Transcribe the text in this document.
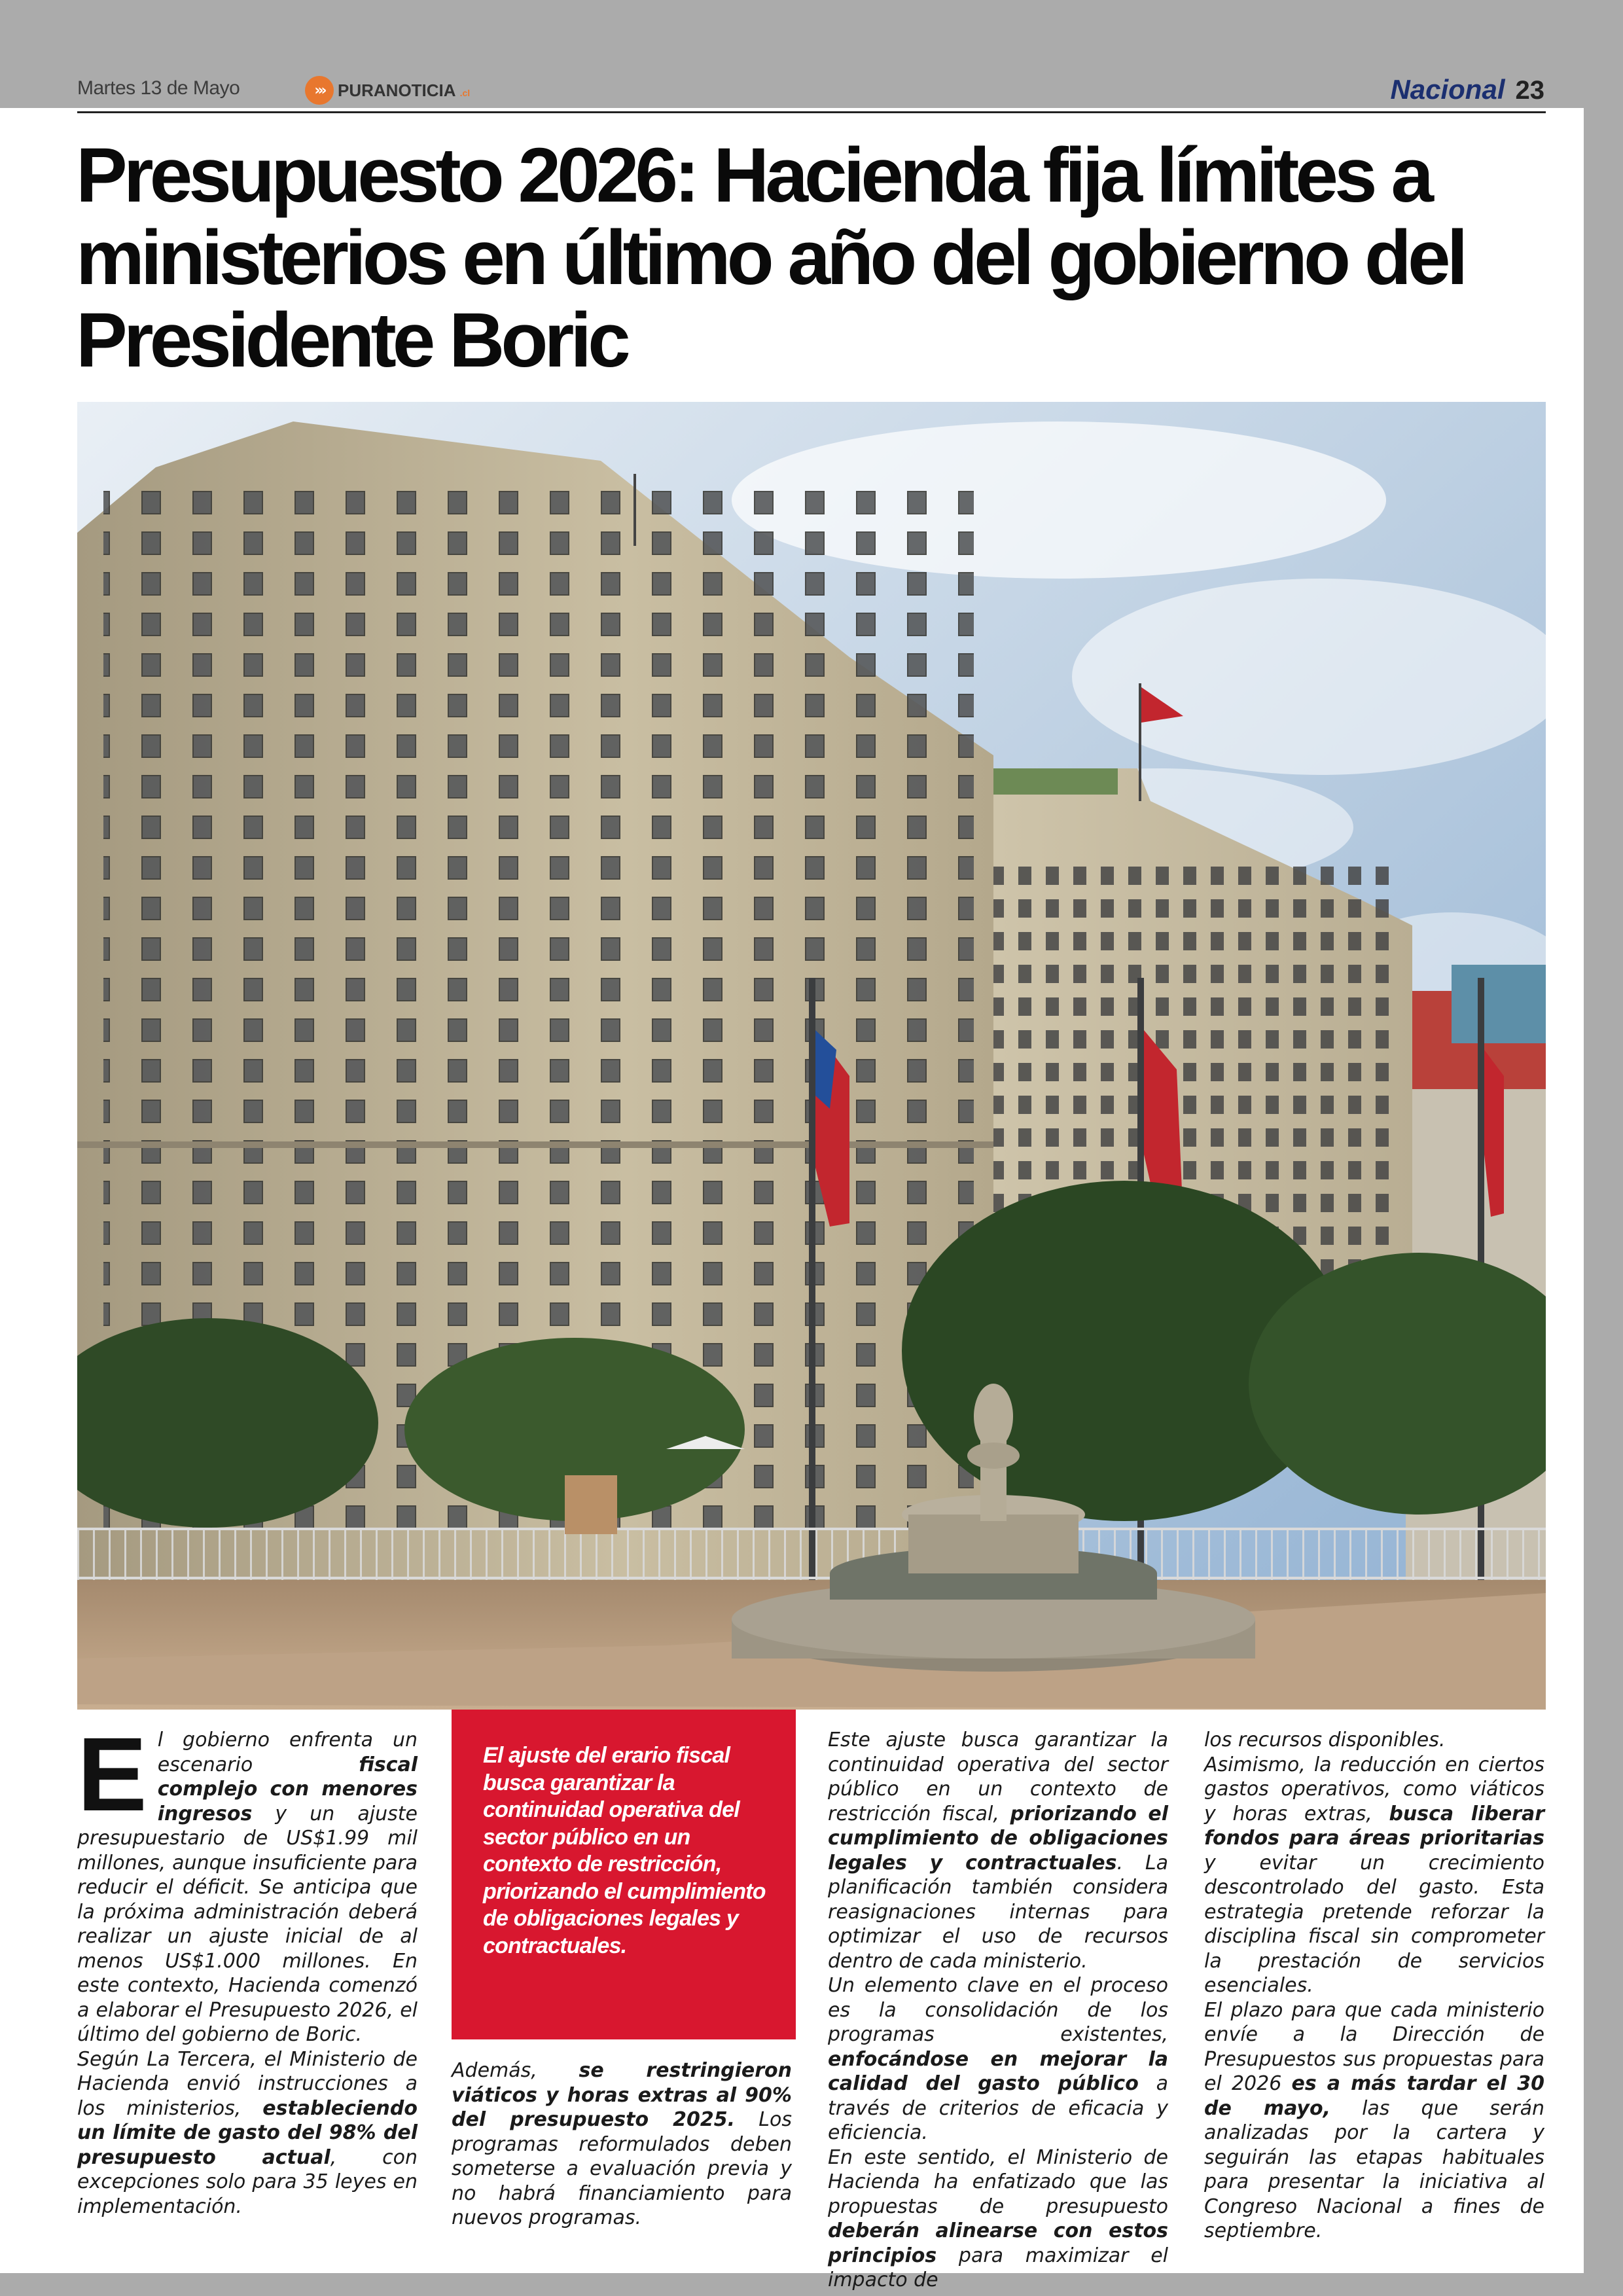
Martes 13 de Mayo	››› PURANOTICIA .cl	Nacional 23
Presupuesto 2026: Hacienda fija límites a ministerios en último año del gobierno del Presidente Boric
E l gobierno enfrenta un escenario fiscal complejo con menores ingresos y un ajuste presupuestario de US$1.99 mil millones, aunque insuficiente para reducir el déficit. Se anticipa que la próxima administración deberá realizar un ajuste inicial de al menos US$1.000 millones. En este contexto, Hacienda comenzó a elaborar el Presupuesto 2026, el último del gobierno de Boric.

Según La Tercera, el Ministerio de Hacienda envió instrucciones a los ministerios, estableciendo un límite de gasto del 98% del presupuesto actual, con excepciones solo para 35 leyes en implementación.

El ajuste del erario fiscal busca garantizar la continuidad operativa del sector público en un contexto de restricción, priorizando el cumplimiento de obligaciones legales y contractuales.

Además, se restringieron viáticos y horas extras al 90% del presupuesto 2025. Los programas reformulados deben someterse a evaluación previa y no habrá financiamiento para nuevos programas.

Este ajuste busca garantizar la continuidad operativa del sector público en un contexto de restricción fiscal, priorizando el cumplimiento de obligaciones legales y contractuales. La planificación también considera reasignaciones internas para optimizar el uso de recursos dentro de cada ministerio.

Un elemento clave en el proceso es la consolidación de los programas existentes, enfocándose en mejorar la calidad del gasto público a través de criterios de eficacia y eficiencia.

En este sentido, el Ministerio de Hacienda ha enfatizado que las propuestas de presupuesto deberán alinearse con estos principios para maximizar el impacto de

los recursos disponibles.

Asimismo, la reducción en ciertos gastos operativos, como viáticos y horas extras, busca liberar fondos para áreas prioritarias y evitar un crecimiento descontrolado del gasto. Esta estrategia pretende reforzar la disciplina fiscal sin comprometer la prestación de servicios esenciales.

El plazo para que cada ministerio envíe a la Dirección de Presupuestos sus propuestas para el 2026 es a más tardar el 30 de mayo, las que serán analizadas por la cartera y seguirán las etapas habituales para presentar la iniciativa al Congreso Nacional a fines de septiembre.
